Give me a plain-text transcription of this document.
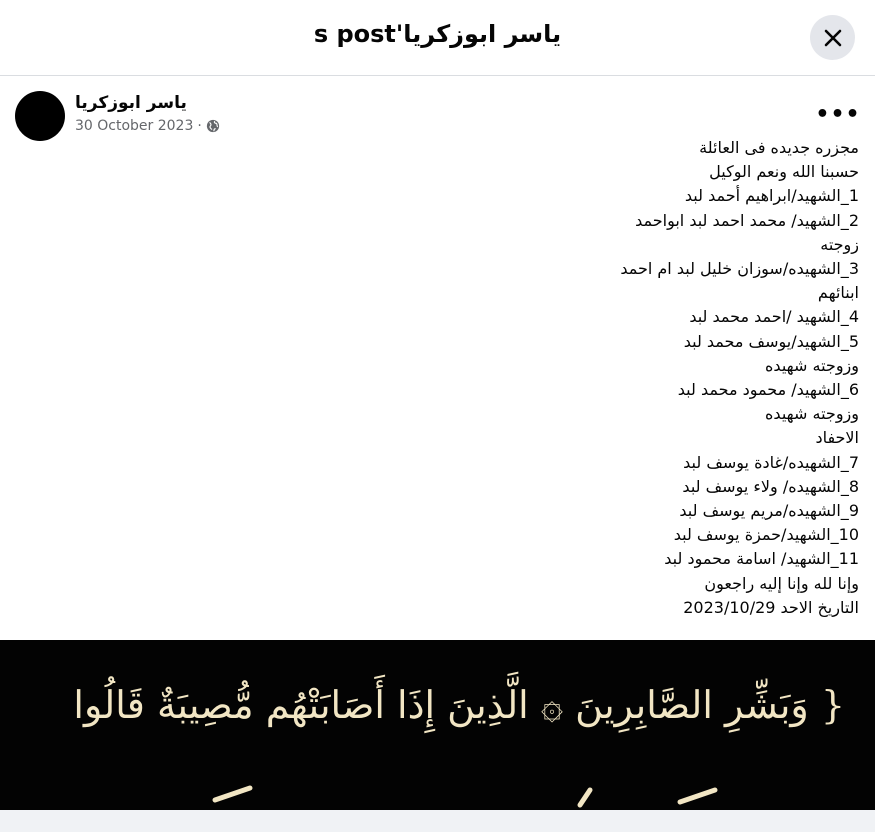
ياسر ابوزكريا's post
ياسر ابوزكريا
30 October 2023 ·	•••
مجزره جديده فى العائلة
حسبنا الله ونعم الوكيل
1_الشهيد/ابراهيم أحمد لبد
2_الشهيد/ محمد احمد لبد ابواحمد
زوجته
3_الشهيده/سوزان خليل لبد ام احمد
ابنائهم
4_الشهيد /احمد محمد لبد
5_الشهيد/يوسف محمد لبد
وزوجته شهيده
6_الشهيد/ محمود محمد لبد
وزوجته شهيده
الاحفاد
7_الشهيده/غادة يوسف لبد
8_الشهيده/ ولاء يوسف لبد
9_الشهيده/مريم يوسف لبد
10_الشهيد/حمزة يوسف لبد
11_الشهيد/ اسامة محمود لبد
وإنا لله وإنا إليه راجعون
التاريخ الاحد 2023/10/29
{ وَبَشِّرِ الصَّابِرِينَ ۞ الَّذِينَ إِذَا أَصَابَتْهُم مُّصِيبَةٌ قَالُوا
